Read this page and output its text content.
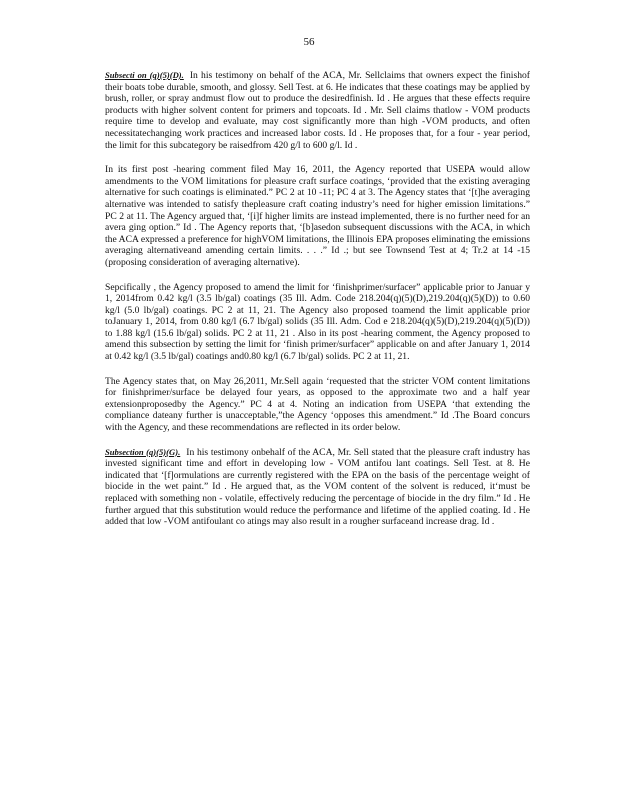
56

Subsecti on (q)(5)(D). In his testimony on behalf of the ACA, Mr. Sellclaims that owners expect the finishof their boats tobe durable, smooth, and glossy. Sell Test. at 6. He indicates that these coatings may be applied by brush, roller, or spray andmust flow out to produce the desiredfinish. Id . He argues that these effects require products with higher solvent content for primers and topcoats. Id . Mr. Sell claims thatlow - VOM products require time to develop and evaluate, may cost significantly more than high -VOM products, and often necessitatechanging work practices and increased labor costs. Id . He proposes that, for a four - year period, the limit for this subcategory be raisedfrom 420 g/l to 600 g/l. Id .

In its first post -hearing comment filed May 16, 2011, the Agency reported that USEPA would allow amendments to the VOM limitations for pleasure craft surface coatings, ‘provided that the existing averaging alternative for such coatings is eliminated.” PC 2 at 10 -11; PC 4 at 3. The Agency states that ‘[t]he averaging alternative was intended to satisfy thepleasure craft coating industry’s need for higher emission limitations.” PC 2 at 11. The Agency argued that, ‘[i]f higher limits are instead implemented, there is no further need for an avera ging option.” Id . The Agency reports that, ‘[b]asedon subsequent discussions with the ACA, in which the ACA expressed a preference for highVOM limitations, the Illinois EPA proposes eliminating the emissions averaging alternativeand amending certain limits. . . .” Id .; but see Townsend Test at 4; Tr.2 at 14 -15 (proposing consideration of averaging alternative).

Sepcifically , the Agency proposed to amend the limit for ‘finishprimer/surfacer” applicable prior to Januar y 1, 2014from 0.42 kg/l (3.5 lb/gal) coatings (35 Ill. Adm. Code 218.204(q)(5)(D),219.204(q)(5)(D)) to 0.60 kg/l (5.0 lb/gal) coatings. PC 2 at 11, 21. The Agency also proposed toamend the limit applicable prior toJanuary 1, 2014, from 0.80 kg/l (6.7 lb/gal) solids (35 Ill. Adm. Cod e 218.204(q)(5)(D),219.204(q)(5)(D)) to 1.88 kg/l (15.6 lb/gal) solids. PC 2 at 11, 21 . Also in its post -hearing comment, the Agency proposed to amend this subsection by setting the limit for ‘finish primer/surfacer” applicable on and after January 1, 2014 at 0.42 kg/l (3.5 lb/gal) coatings and0.80 kg/l (6.7 lb/gal) solids. PC 2 at 11, 21.

The Agency states that, on May 26,2011, Mr.Sell again ‘requested that the stricter VOM content limitations for finishprimer/surface be delayed four years, as opposed to the approximate two and a half year extensionproposedby the Agency.” PC 4 at 4. Noting an indication from USEPA ‘that extending the compliance dateany further is unacceptable,”the Agency ‘opposes this amendment.” Id .The Board concurs with the Agency, and these recommendations are reflected in its order below.

Subsection (q)(5)(G). In his testimony onbehalf of the ACA, Mr. Sell stated that the pleasure craft industry has invested significant time and effort in developing low - VOM antifou lant coatings. Sell Test. at 8. He indicated that ‘[f]ormulations are currently registered with the EPA on the basis of the percentage weight of biocide in the wet paint.” Id . He argued that, as the VOM content of the solvent is reduced, it‘must be replaced with something non - volatile, effectively reducing the percentage of biocide in the dry film.” Id . He further argued that this substitution would reduce the performance and lifetime of the applied coating. Id . He added that low -VOM antifoulant co atings may also result in a rougher surfaceand increase drag. Id .
